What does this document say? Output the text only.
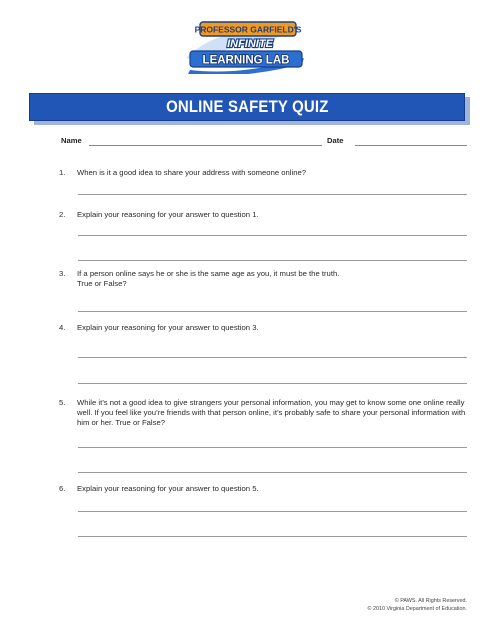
PROFESSOR GARFIELD'S
INFINITE
LEARNING LAB
ONLINE SAFETY QUIZ
Name	Date
1. When is it a good idea to share your address with someone online?
2. Explain your reasoning for your answer to question 1.
3. If a person online says he or she is the same age as you, it must be the truth.
True or False?
4. Explain your reasoning for your answer to question 3.
5. While it’s not a good idea to give strangers your personal information, you may get to know some one online really well. If you feel like you’re friends with that person online, it’s probably safe to share your personal information with him or her. True or False?
6. Explain your reasoning for your answer to question 5.
© PAWS. All Rights Reserved.
© 2010 Virginia Department of Education.
